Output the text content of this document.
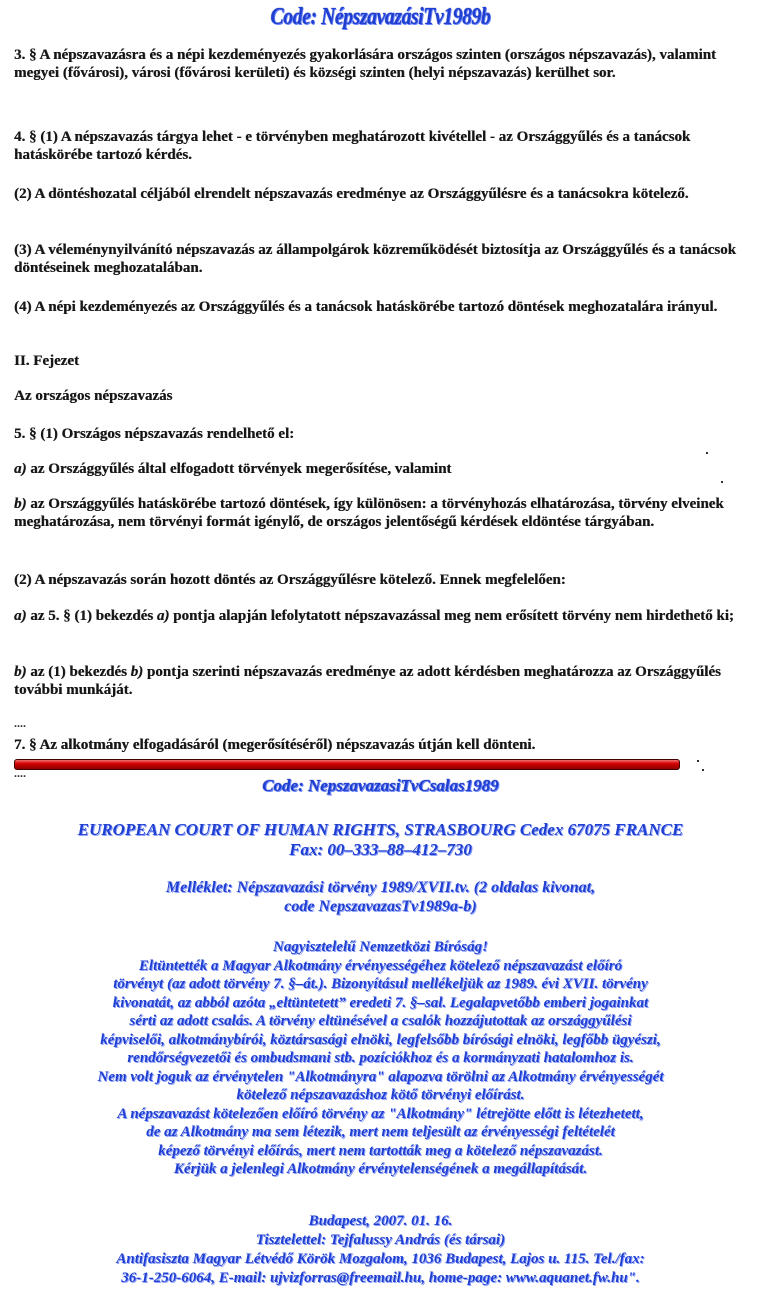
Code: NépszavazásiTv1989b
3. § A népszavazásra és a népi kezdeményezés gyakorlására országos szinten (országos népszavazás), valamint megyei (fővárosi), városi (fővárosi kerületi) és községi szinten (helyi népszavazás) kerülhet sor.
4. § (1) A népszavazás tárgya lehet - e törvényben meghatározott kivétellel - az Országgyűlés és a tanácsok hatáskörébe tartozó kérdés.
(2) A döntéshozatal céljából elrendelt népszavazás eredménye az Országgyűlésre és a tanácsokra kötelező.
(3) A véleménynyilvánító népszavazás az állampolgárok közreműködését biztosítja az Országgyűlés és a tanácsok döntéseinek meghozatalában.
(4) A népi kezdeményezés az Országgyűlés és a tanácsok hatáskörébe tartozó döntések meghozatalára irányul.
II. Fejezet
Az országos népszavazás
5. § (1) Országos népszavazás rendelhető el:
a) az Országgyűlés által elfogadott törvények megerősítése, valamint
b) az Országgyűlés hatáskörébe tartozó döntések, így különösen: a törvényhozás elhatározása, törvény elveinek meghatározása, nem törvényi formát igénylő, de országos jelentőségű kérdések eldöntése tárgyában.
(2) A népszavazás során hozott döntés az Országgyűlésre kötelező. Ennek megfelelően:
a) az 5. § (1) bekezdés a) pontja alapján lefolytatott népszavazással meg nem erősített törvény nem hirdethető ki;
b) az (1) bekezdés b) pontja szerinti népszavazás eredménye az adott kérdésben meghatározza az Országgyűlés további munkáját.
....
7. § Az alkotmány elfogadásáról (megerősítéséről) népszavazás útján kell dönteni.
....
Code: NepszavazasiTvCsalas1989
EUROPEAN COURT OF HUMAN RIGHTS, STRASBOURG Cedex 67075 FRANCE
Fax: 00–333–88–412–730
Melléklet: Népszavazási törvény 1989/XVII.tv. (2 oldalas kivonat,
code NepszavazasTv1989a-b)
Nagyisztelelű Nemzetközi Bíróság!
Eltüntették a Magyar Alkotmány érvényességéhez kötelező népszavazást előíró
törvényt (az adott törvény 7. §–át.). Bizonyításul mellékeljük az 1989. évi XVII. törvény
kivonatát, az abból azóta „eltüntetett” eredeti 7. §–sal. Legalapvetőbb emberi jogainkat
sérti az adott csalás. A törvény eltünésével a csalók hozzájutottak az országgyűlési
képviselői, alkotmánybírói, köztársasági elnöki, legfelsőbb bírósági elnöki, legfőbb ügyészi,
rendőrségvezetői és ombudsmani stb. pozíciókhoz és a kormányzati hatalomhoz is.
Nem volt joguk az érvénytelen "Alkotmányra" alapozva törölni az Alkotmány érvényességét
kötelező népszavazáshoz kötő törvényi előírást.
A népszavazást kötelezően előíró törvény az "Alkotmány" létrejötte előtt is létezhetett,
de az Alkotmány ma sem létezik, mert nem teljesült az érvényességi feltételét
képező törvényi előírás, mert nem tartották meg a kötelező népszavazást.
Kérjük a jelenlegi Alkotmány érvénytelenségének a megállapítását.
Budapest, 2007. 01. 16.
Tisztelettel: Tejfalussy András (és társai)
Antifasiszta Magyar Létvédő Körök Mozgalom, 1036 Budapest, Lajos u. 115. Tel./fax:
36-1-250-6064, E-mail: ujvizforras@freemail.hu, home-page: www.aquanet.fw.hu".
